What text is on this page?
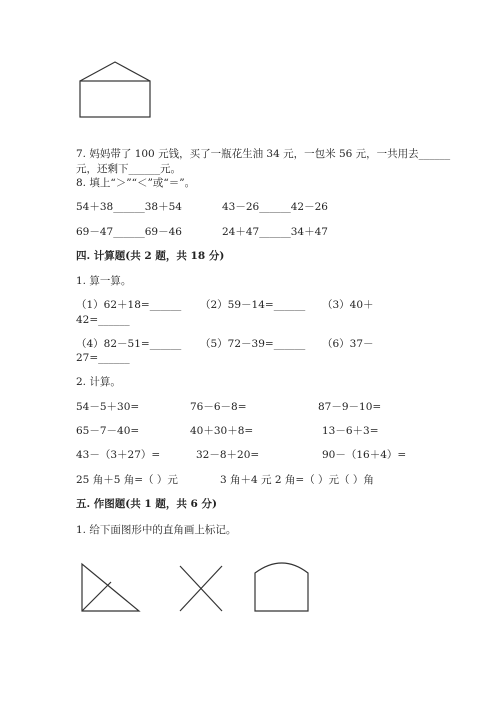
7. 妈妈带了 100 元钱，买了一瓶花生油 34 元，一包米 56 元，一共用去______
元，还剩下______元。
8. 填上“＞”“＜”或“＝”。
54＋38______38＋54	43－26______42－26
69－47______69－46	24＋47______34＋47
四. 计算题(共 2 题，共 18 分)
1. 算一算。
（1）62＋18=______ （2）59－14=______ （3）40＋
42=______
（4）82－51=______ （5）72－39=______ （6）37－
27=______
2. 计算。
54－5＋30=	76－6－8=	87－9－10=
65－7－40=	40＋30＋8=	13－6＋3=
43－（3＋27）=	32－8＋20=	90－（16＋4）=
25 角＋5 角=（ ）元	3 角＋4 元 2 角=（ ）元（ ）角
五. 作图题(共 1 题，共 6 分)
1. 给下面图形中的直角画上标记。
